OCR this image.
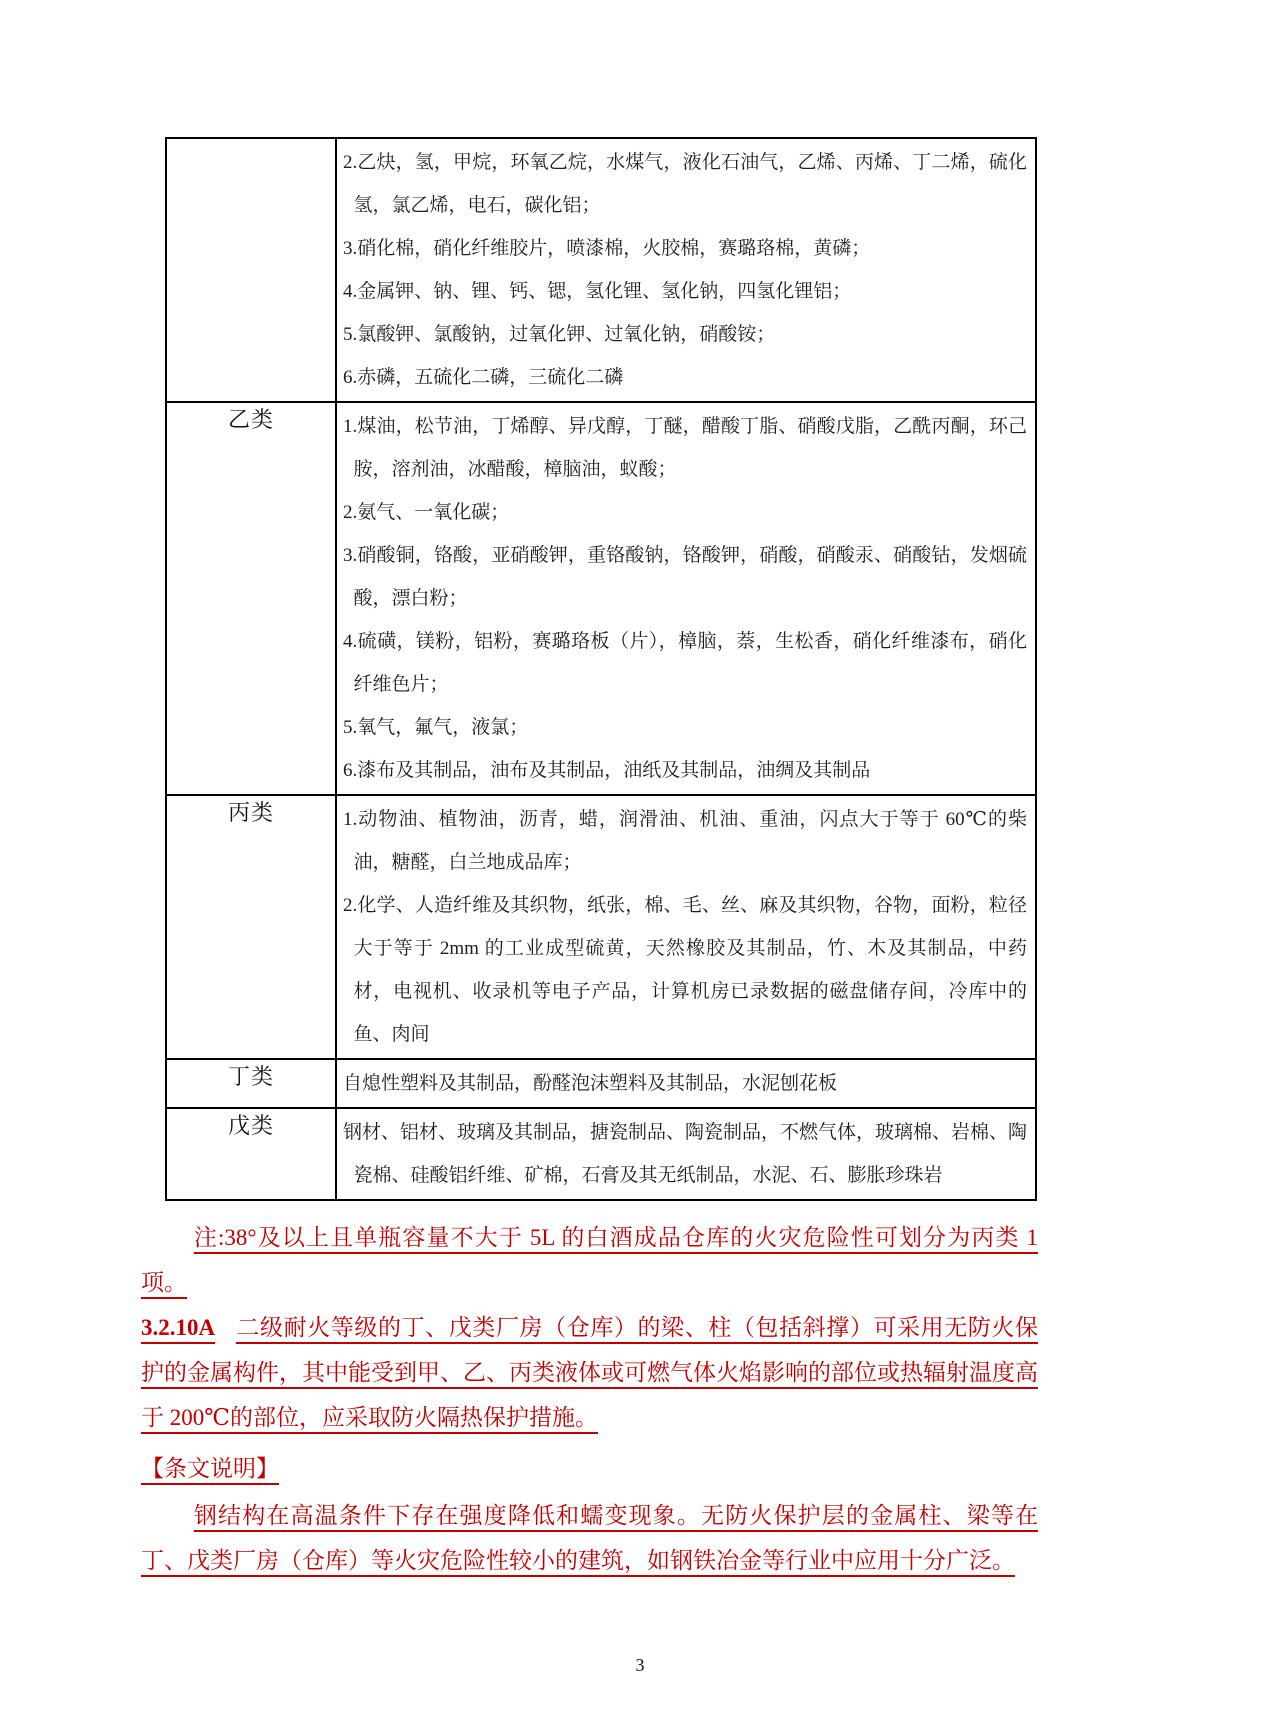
	2.乙炔，氢，甲烷，环氧乙烷，水煤气，液化石油气，乙烯、丙烯、丁二烯，硫化氢，氯乙烯，电石，碳化铝；

3.硝化棉，硝化纤维胶片，喷漆棉，火胶棉，赛璐珞棉，黄磷；

4.金属钾、钠、锂、钙、锶，氢化锂、氢化钠，四氢化锂铝；

5.氯酸钾、氯酸钠，过氧化钾、过氧化钠，硝酸铵；

6.赤磷，五硫化二磷，三硫化二磷

乙类	1.煤油，松节油，丁烯醇、异戊醇，丁醚，醋酸丁脂、硝酸戊脂，乙酰丙酮，环己胺，溶剂油，冰醋酸，樟脑油，蚁酸；

2.氨气、一氧化碳；

3.硝酸铜，铬酸，亚硝酸钾，重铬酸钠，铬酸钾，硝酸，硝酸汞、硝酸钴，发烟硫酸，漂白粉；

4.硫磺，镁粉，铝粉，赛璐珞板（片），樟脑，萘，生松香，硝化纤维漆布，硝化纤维色片；

5.氧气，氟气，液氯；

6.漆布及其制品，油布及其制品，油纸及其制品，油绸及其制品

丙类	1.动物油、植物油，沥青，蜡，润滑油、机油、重油，闪点大于等于 60℃的柴油，糖醛，白兰地成品库；

2.化学、人造纤维及其织物，纸张，棉、毛、丝、麻及其织物，谷物，面粉，粒径大于等于 2mm 的工业成型硫黄，天然橡胶及其制品，竹、木及其制品，中药材，电视机、收录机等电子产品，计算机房已录数据的磁盘储存间，冷库中的鱼、肉间

丁类	自熄性塑料及其制品，酚醛泡沫塑料及其制品，水泥刨花板

戊类	钢材、铝材、玻璃及其制品，搪瓷制品、陶瓷制品，不燃气体，玻璃棉、岩棉、陶瓷棉、硅酸铝纤维、矿棉，石膏及其无纸制品，水泥、石、膨胀珍珠岩

注:38°及以上且单瓶容量不大于 5L 的白酒成品仓库的火灾危险性可划分为丙类 1 项。

3.2.10A 二级耐火等级的丁、戊类厂房（仓库）的梁、柱（包括斜撑）可采用无防火保护的金属构件，其中能受到甲、乙、丙类液体或可燃气体火焰影响的部位或热辐射温度高于 200℃的部位，应采取防火隔热保护措施。

【条文说明】

钢结构在高温条件下存在强度降低和蠕变现象。无防火保护层的金属柱、梁等在丁、戊类厂房（仓库）等火灾危险性较小的建筑，如钢铁冶金等行业中应用十分广泛。

3
